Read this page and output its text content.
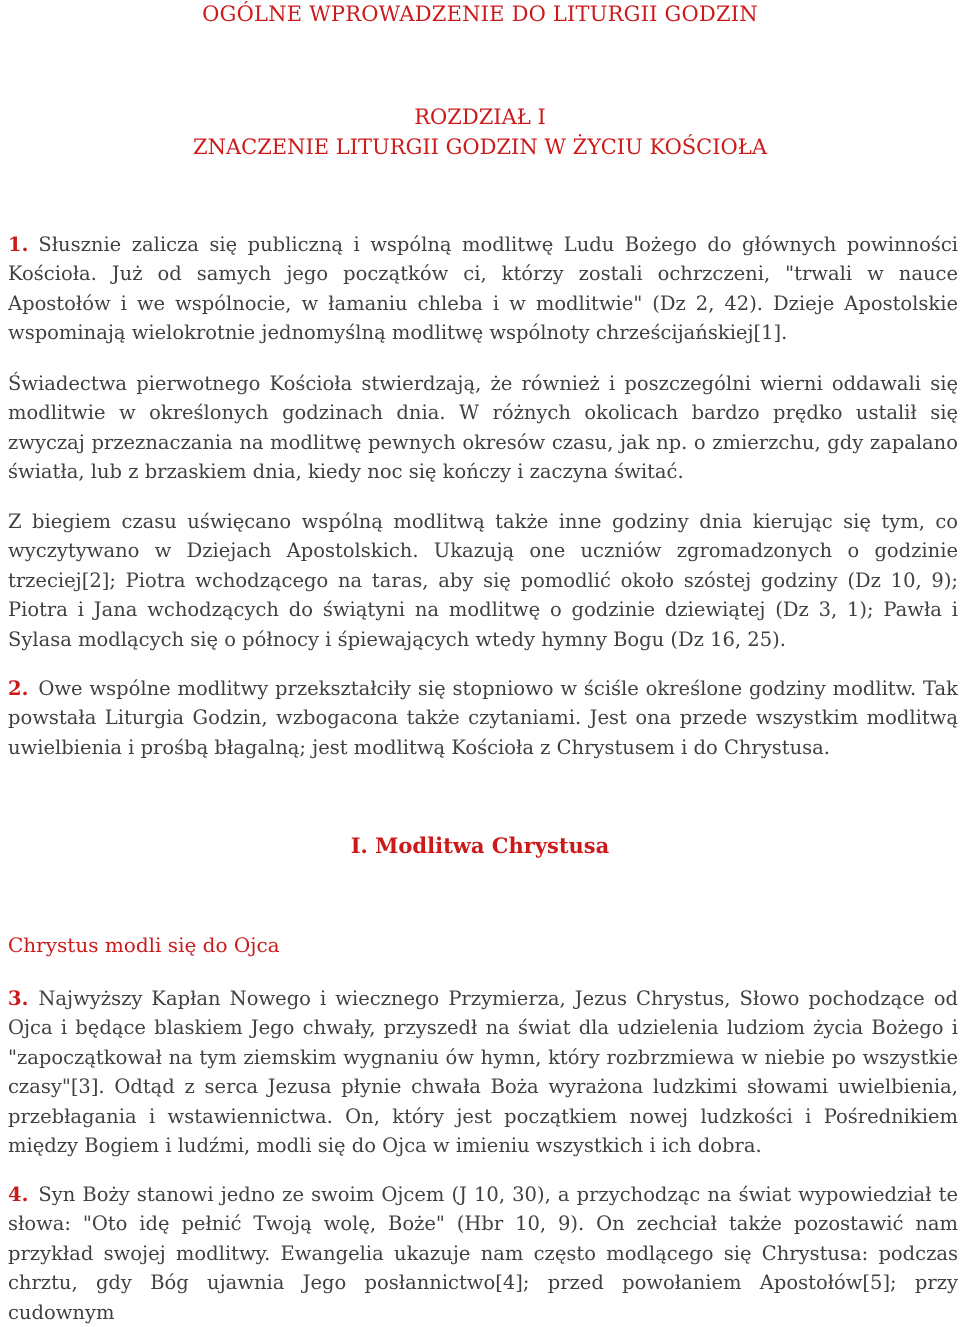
OGÓLNE WPROWADZENIE DO LITURGII GODZIN
ROZDZIAŁ I
ZNACZENIE LITURGII GODZIN W ŻYCIU KOŚCIOŁA

1. Słusznie zalicza się publiczną i wspólną modlitwę Ludu Bożego do głównych powinności Kościoła. Już od samych jego początków ci, którzy zostali ochrzczeni, "trwali w nauce Apostołów i we wspólnocie, w łamaniu chleba i w modlitwie" (Dz 2, 42). Dzieje Apostolskie wspominają wielokrotnie jednomyślną modlitwę wspólnoty chrześcijańskiej[1].

Świadectwa pierwotnego Kościoła stwierdzają, że również i poszczególni wierni oddawali się modlitwie w określonych godzinach dnia. W różnych okolicach bardzo prędko ustalił się zwyczaj przeznaczania na modlitwę pewnych okresów czasu, jak np. o zmierzchu, gdy zapalano światła, lub z brzaskiem dnia, kiedy noc się kończy i zaczyna świtać.

Z biegiem czasu uświęcano wspólną modlitwą także inne godziny dnia kierując się tym, co wyczytywano w Dziejach Apostolskich. Ukazują one uczniów zgromadzonych o godzinie trzeciej[2]; Piotra wchodzącego na taras, aby się pomodlić około szóstej godziny (Dz 10, 9); Piotra i Jana wchodzących do świątyni na modlitwę o godzinie dziewiątej (Dz 3, 1); Pawła i Sylasa modlących się o północy i śpiewających wtedy hymny Bogu (Dz 16, 25).

2. Owe wspólne modlitwy przekształciły się stopniowo w ściśle określone godziny modlitw. Tak powstała Liturgia Godzin, wzbogacona także czytaniami. Jest ona przede wszystkim modlitwą uwielbienia i prośbą błagalną; jest modlitwą Kościoła z Chrystusem i do Chrystusa.

I. Modlitwa Chrystusa
Chrystus modli się do Ojca

3. Najwyższy Kapłan Nowego i wiecznego Przymierza, Jezus Chrystus, Słowo pochodzące od Ojca i będące blaskiem Jego chwały, przyszedł na świat dla udzielenia ludziom życia Bożego i "zapoczątkował na tym ziemskim wygnaniu ów hymn, który rozbrzmiewa w niebie po wszystkie czasy"[3]. Odtąd z serca Jezusa płynie chwała Boża wyrażona ludzkimi słowami uwielbienia, przebłagania i wstawiennictwa. On, który jest początkiem nowej ludzkości i Pośrednikiem między Bogiem i ludźmi, modli się do Ojca w imieniu wszystkich i ich dobra.

4. Syn Boży stanowi jedno ze swoim Ojcem (J 10, 30), a przychodząc na świat wypowiedział te słowa: "Oto idę pełnić Twoją wolę, Boże" (Hbr 10, 9). On zechciał także pozostawić nam przykład swojej modlitwy. Ewangelia ukazuje nam często modlącego się Chrystusa: podczas chrztu, gdy Bóg ujawnia Jego posłannictwo[4]; przed powołaniem Apostołów[5]; przy cudownym
